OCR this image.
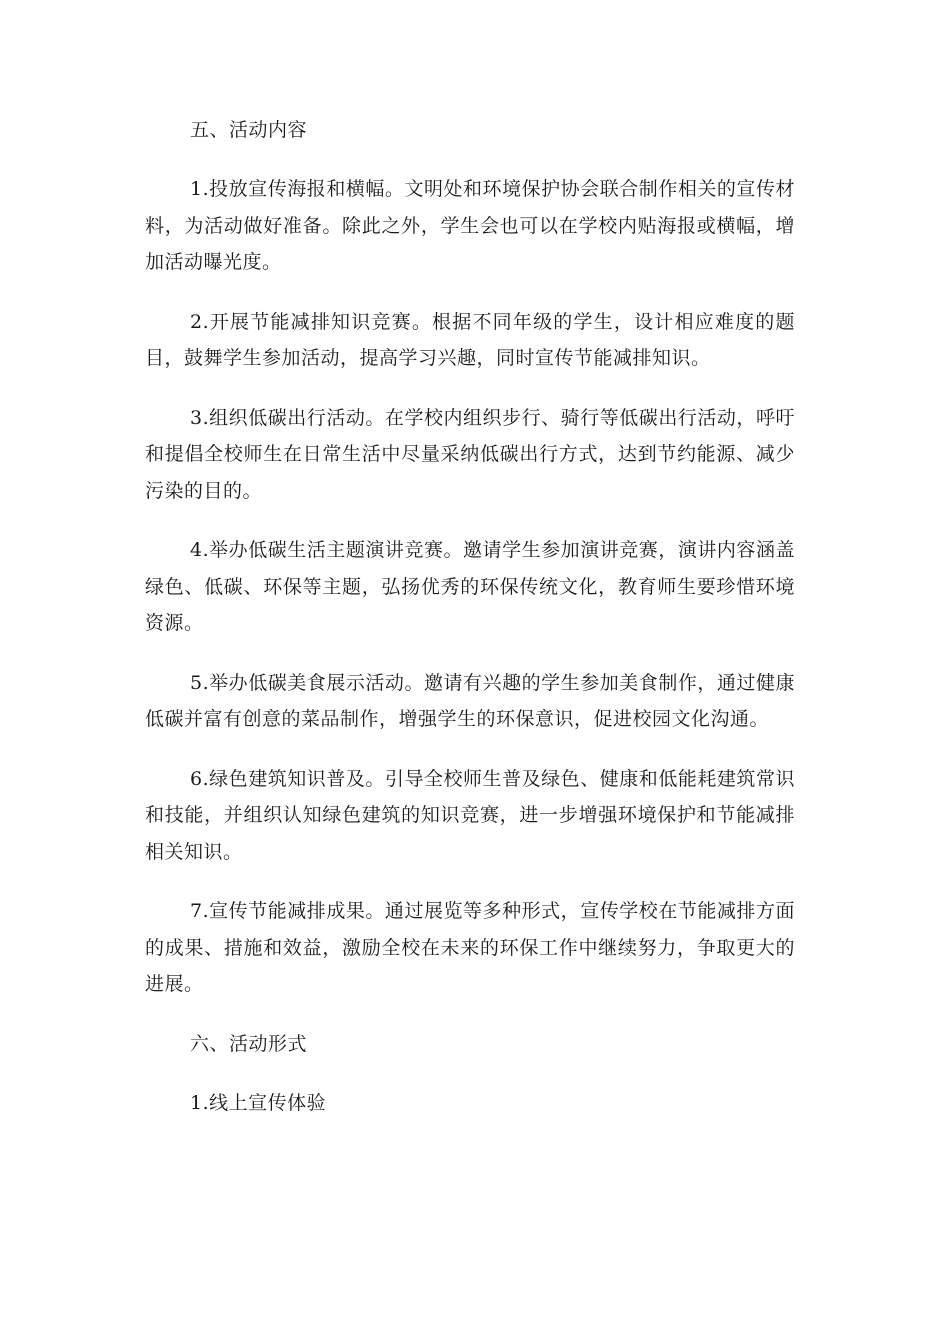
五、活动内容

1.投放宣传海报和横幅。文明处和环境保护协会联合制作相关的宣传材料，为活动做好准备。除此之外，学生会也可以在学校内贴海报或横幅，增加活动曝光度。

2.开展节能减排知识竞赛。根据不同年级的学生，设计相应难度的题目，鼓舞学生参加活动，提高学习兴趣，同时宣传节能减排知识。

3.组织低碳出行活动。在学校内组织步行、骑行等低碳出行活动，呼吁和提倡全校师生在日常生活中尽量采纳低碳出行方式，达到节约能源、减少污染的目的。

4.举办低碳生活主题演讲竞赛。邀请学生参加演讲竞赛，演讲内容涵盖绿色、低碳、环保等主题，弘扬优秀的环保传统文化，教育师生要珍惜环境资源。

5.举办低碳美食展示活动。邀请有兴趣的学生参加美食制作，通过健康低碳并富有创意的菜品制作，增强学生的环保意识，促进校园文化沟通。

6.绿色建筑知识普及。引导全校师生普及绿色、健康和低能耗建筑常识和技能，并组织认知绿色建筑的知识竞赛，进一步增强环境保护和节能减排相关知识。

7.宣传节能减排成果。通过展览等多种形式，宣传学校在节能减排方面的成果、措施和效益，激励全校在未来的环保工作中继续努力，争取更大的进展。

六、活动形式

1.线上宣传体验
